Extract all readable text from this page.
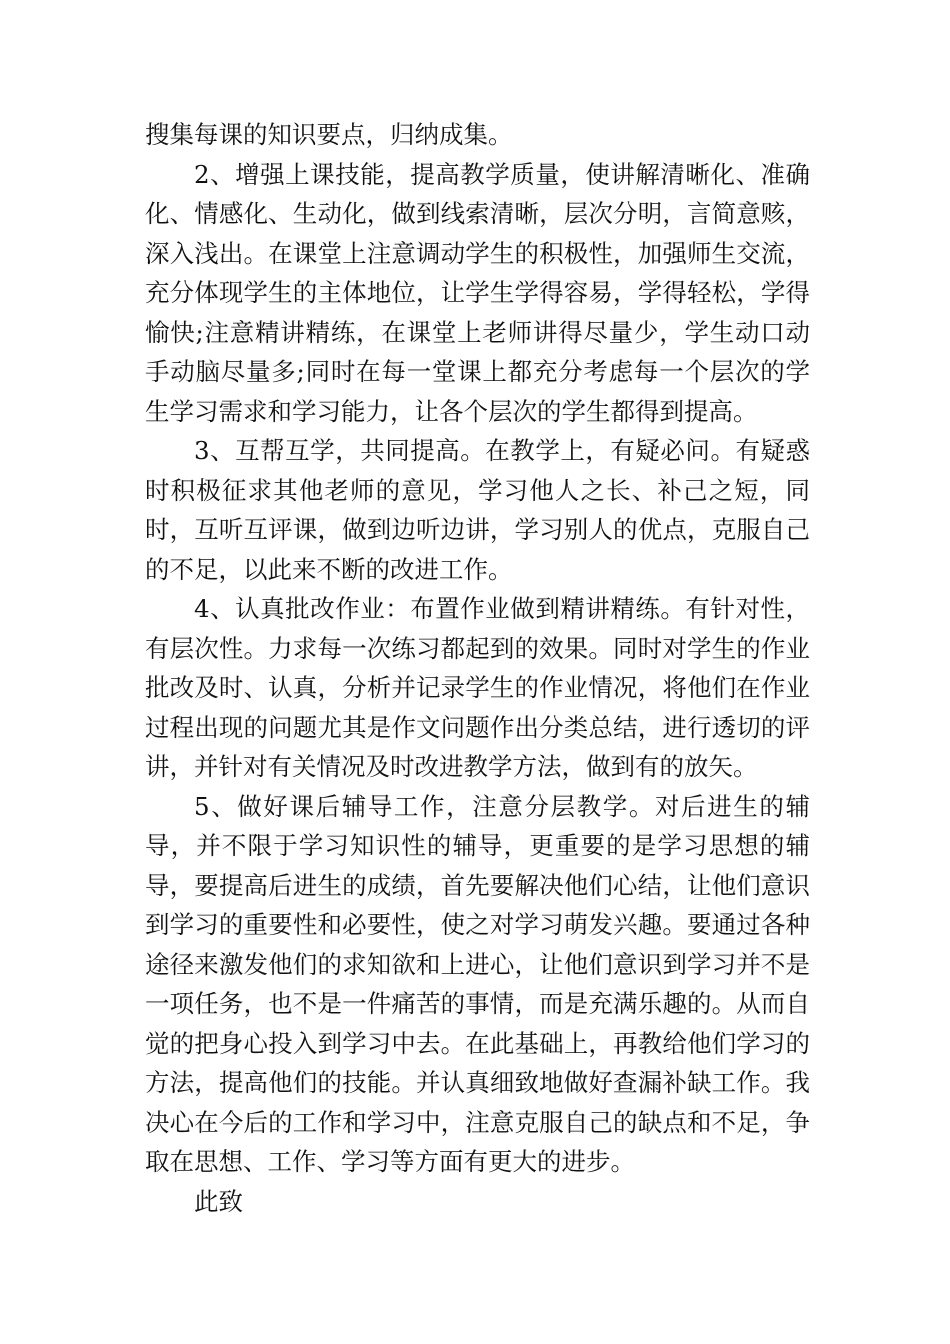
搜集每课的知识要点，归纳成集。

2、增强上课技能，提高教学质量，使讲解清晰化、准确化、情感化、生动化，做到线索清晰，层次分明，言简意赅，深入浅出。在课堂上注意调动学生的积极性，加强师生交流，充分体现学生的主体地位，让学生学得容易，学得轻松，学得愉快;注意精讲精练，在课堂上老师讲得尽量少，学生动口动手动脑尽量多;同时在每一堂课上都充分考虑每一个层次的学生学习需求和学习能力，让各个层次的学生都得到提高。

3、互帮互学，共同提高。在教学上，有疑必问。有疑惑时积极征求其他老师的意见，学习他人之长、补己之短，同时，互听互评课，做到边听边讲，学习别人的优点，克服自己的不足，以此来不断的改进工作。

4、认真批改作业：布置作业做到精讲精练。有针对性，有层次性。力求每一次练习都起到的效果。同时对学生的作业批改及时、认真，分析并记录学生的作业情况，将他们在作业过程出现的问题尤其是作文问题作出分类总结，进行透切的评讲，并针对有关情况及时改进教学方法，做到有的放矢。

5、做好课后辅导工作，注意分层教学。对后进生的辅导，并不限于学习知识性的辅导，更重要的是学习思想的辅导，要提高后进生的成绩，首先要解决他们心结，让他们意识到学习的重要性和必要性，使之对学习萌发兴趣。要通过各种途径来激发他们的求知欲和上进心，让他们意识到学习并不是一项任务，也不是一件痛苦的事情，而是充满乐趣的。从而自觉的把身心投入到学习中去。在此基础上，再教给他们学习的方法，提高他们的技能。并认真细致地做好查漏补缺工作。我决心在今后的工作和学习中，注意克服自己的缺点和不足，争取在思想、工作、学习等方面有更大的进步。

此致
